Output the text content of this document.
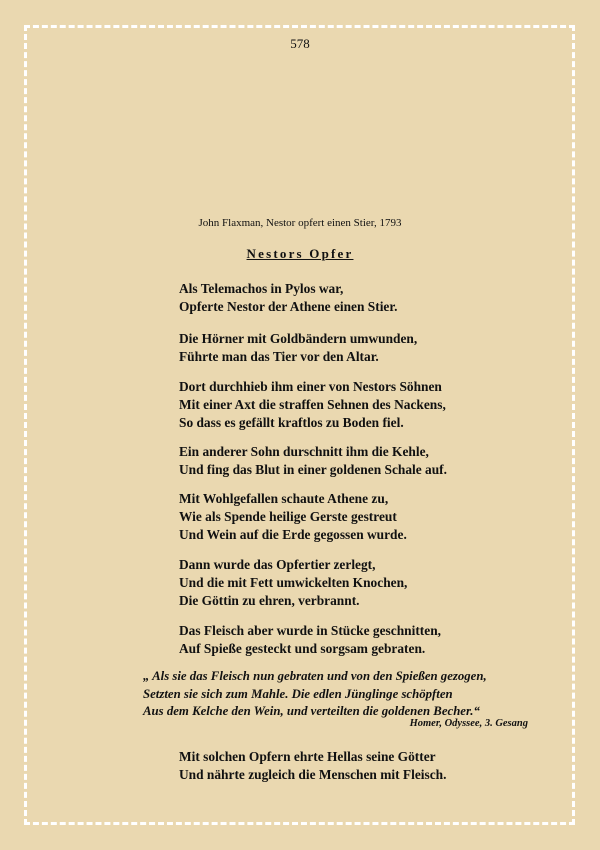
578
John Flaxman, Nestor opfert einen Stier, 1793
Nestors Opfer
Als Telemachos in Pylos war,
Opferte Nestor der Athene einen Stier.
Die Hörner mit Goldbändern umwunden,
Führte man das Tier vor den Altar.
Dort durchhieb ihm einer von Nestors Söhnen
Mit einer Axt die straffen Sehnen des Nackens,
So dass es gefällt kraftlos zu Boden fiel.
Ein anderer Sohn durschnitt ihm die Kehle,
Und fing das Blut in einer goldenen Schale auf.
Mit Wohlgefallen schaute Athene zu,
Wie als Spende heilige Gerste gestreut
Und Wein auf die Erde gegossen wurde.
Dann wurde das Opfertier zerlegt,
Und die mit Fett umwickelten Knochen,
Die Göttin zu ehren, verbrannt.
Das Fleisch aber wurde in Stücke geschnitten,
Auf Spieße gesteckt und sorgsam gebraten.
„ Als sie das Fleisch nun gebraten und von den Spießen gezogen,
Setzten sie sich zum Mahle. Die edlen Jünglinge schöpften
Aus dem Kelche den Wein, und verteilten die goldenen Becher.“
Homer, Odyssee, 3. Gesang
Mit solchen Opfern ehrte Hellas seine Götter
Und nährte zugleich die Menschen mit Fleisch.
